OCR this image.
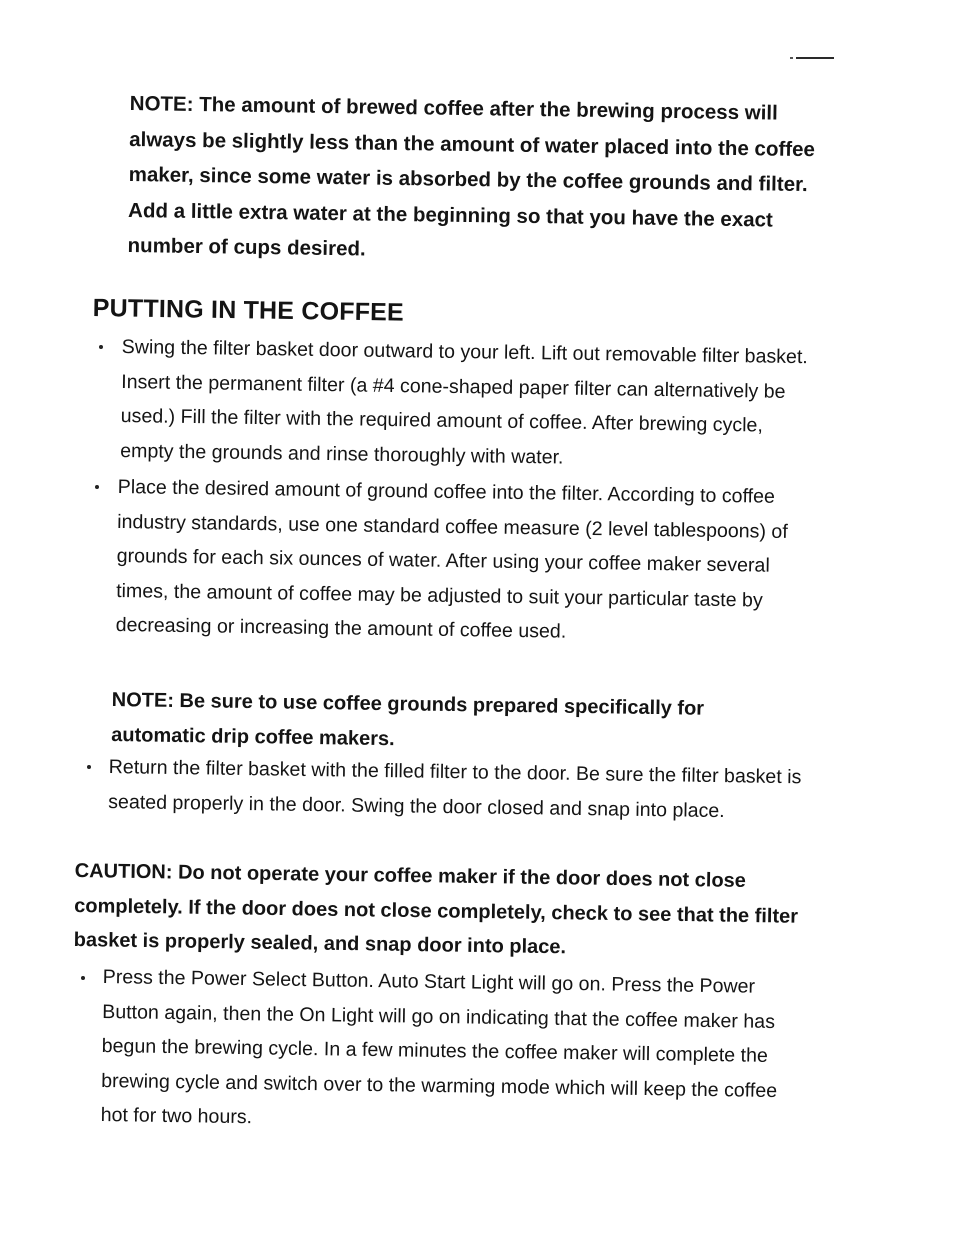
NOTE: The amount of brewed coffee after the brewing process will always be slightly less than the amount of water placed into the coffee maker, since some water is absorbed by the coffee grounds and filter. Add a little extra water at the beginning so that you have the exact number of cups desired.
PUTTING IN THE COFFEE
Swing the filter basket door outward to your left. Lift out removable filter basket. Insert the permanent filter (a #4 cone-shaped paper filter can alternatively be used.) Fill the filter with the required amount of coffee. After brewing cycle, empty the grounds and rinse thoroughly with water.
Place the desired amount of ground coffee into the filter. According to coffee industry standards, use one standard coffee measure (2 level tablespoons) of grounds for each six ounces of water. After using your coffee maker several times, the amount of coffee may be adjusted to suit your particular taste by decreasing or increasing the amount of coffee used.
NOTE: Be sure to use coffee grounds prepared specifically for automatic drip coffee makers.
Return the filter basket with the filled filter to the door. Be sure the filter basket is seated properly in the door. Swing the door closed and snap into place.
CAUTION: Do not operate your coffee maker if the door does not close completely. If the door does not close completely, check to see that the filter basket is properly sealed, and snap door into place.
Press the Power Select Button. Auto Start Light will go on. Press the Power Button again, then the On Light will go on indicating that the coffee maker has begun the brewing cycle. In a few minutes the coffee maker will complete the brewing cycle and switch over to the warming mode which will keep the coffee hot for two hours.
